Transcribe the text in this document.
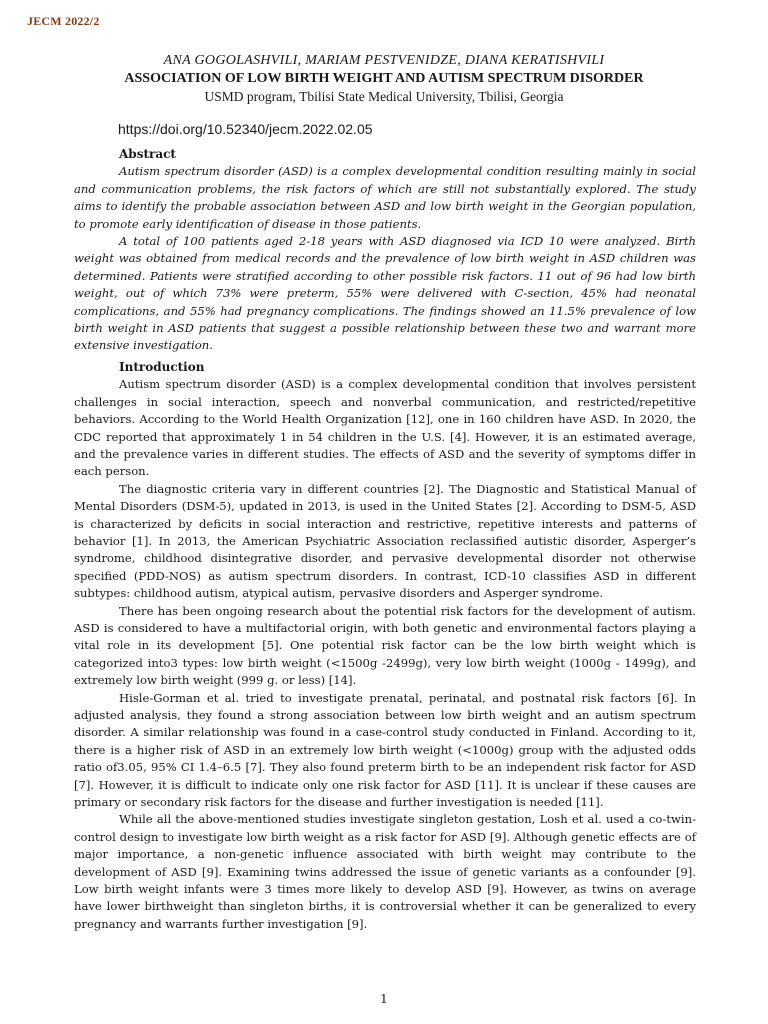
JECM 2022/2
ANA GOGOLASHVILI, MARIAM PESTVENIDZE, DIANA KERATISHVILI
ASSOCIATION OF LOW BIRTH WEIGHT AND AUTISM SPECTRUM DISORDER
USMD program, Tbilisi State Medical University, Tbilisi, Georgia
https://doi.org/10.52340/jecm.2022.02.05
Abstract

Autism spectrum disorder (ASD) is a complex developmental condition resulting mainly in social and communication problems, the risk factors of which are still not substantially explored. The study aims to identify the probable association between ASD and low birth weight in the Georgian population, to promote early identification of disease in those patients.

A total of 100 patients aged 2-18 years with ASD diagnosed via ICD 10 were analyzed. Birth weight was obtained from medical records and the prevalence of low birth weight in ASD children was determined. Patients were stratified according to other possible risk factors. 11 out of 96 had low birth weight, out of which 73% were preterm, 55% were delivered with C-section, 45% had neonatal complications, and 55% had pregnancy complications. The findings showed an 11.5% prevalence of low birth weight in ASD patients that suggest a possible relationship between these two and warrant more extensive investigation.

Introduction

Autism spectrum disorder (ASD) is a complex developmental condition that involves persistent challenges in social interaction, speech and nonverbal communication, and restricted/repetitive behaviors. According to the World Health Organization [12], one in 160 children have ASD. In 2020, the CDC reported that approximately 1 in 54 children in the U.S. [4]. However, it is an estimated average, and the prevalence varies in different studies. The effects of ASD and the severity of symptoms differ in each person.

The diagnostic criteria vary in different countries [2]. The Diagnostic and Statistical Manual of Mental Disorders (DSM-5), updated in 2013, is used in the United States [2]. According to DSM-5, ASD is characterized by deficits in social interaction and restrictive, repetitive interests and patterns of behavior [1]. In 2013, the American Psychiatric Association reclassified autistic disorder, Asperger’s syndrome, childhood disintegrative disorder, and pervasive developmental disorder not otherwise specified (PDD-NOS) as autism spectrum disorders. In contrast, ICD-10 classifies ASD in different subtypes: childhood autism, atypical autism, pervasive disorders and Asperger syndrome.

There has been ongoing research about the potential risk factors for the development of autism. ASD is considered to have a multifactorial origin, with both genetic and environmental factors playing a vital role in its development [5]. One potential risk factor can be the low birth weight which is categorized into3 types: low birth weight (<1500g -2499g), very low birth weight (1000g - 1499g), and extremely low birth weight (999 g. or less) [14].

Hisle-Gorman et al. tried to investigate prenatal, perinatal, and postnatal risk factors [6]. In adjusted analysis, they found a strong association between low birth weight and an autism spectrum disorder. A similar relationship was found in a case-control study conducted in Finland. According to it, there is a higher risk of ASD in an extremely low birth weight (<1000g) group with the adjusted odds ratio of3.05, 95% CI 1.4–6.5 [7]. They also found preterm birth to be an independent risk factor for ASD [7]. However, it is difficult to indicate only one risk factor for ASD [11]. It is unclear if these causes are primary or secondary risk factors for the disease and further investigation is needed [11].

While all the above-mentioned studies investigate singleton gestation, Losh et al. used a co-twin-control design to investigate low birth weight as a risk factor for ASD [9]. Although genetic effects are of major importance, a non-genetic influence associated with birth weight may contribute to the development of ASD [9]. Examining twins addressed the issue of genetic variants as a confounder [9]. Low birth weight infants were 3 times more likely to develop ASD [9]. However, as twins on average have lower birthweight than singleton births, it is controversial whether it can be generalized to every pregnancy and warrants further investigation [9].

1
